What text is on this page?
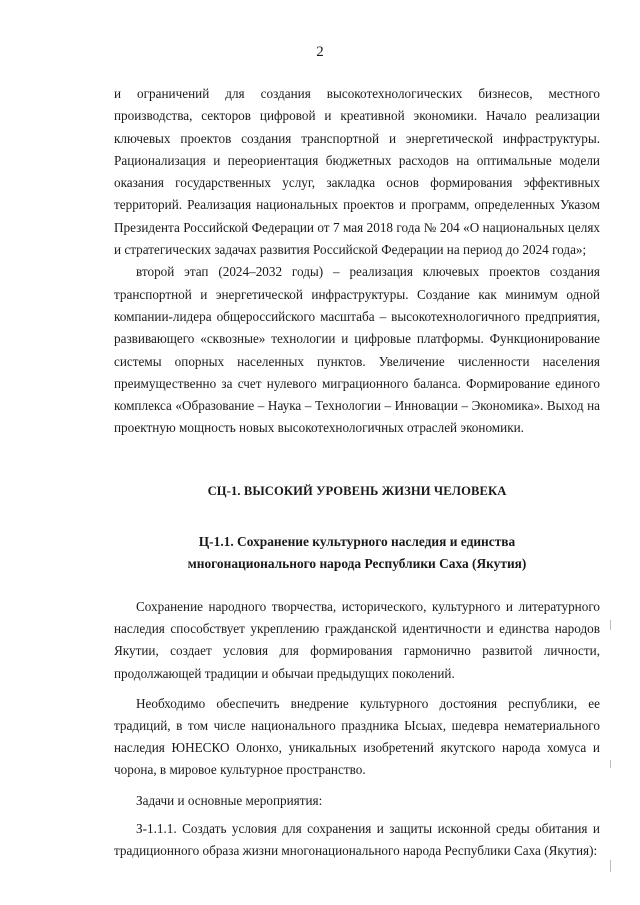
2

и ограничений для создания высокотехнологических бизнесов, местного производства, секторов цифровой и креативной экономики. Начало реализации ключевых проектов создания транспортной и энергетической инфраструктуры. Рационализация и переориентация бюджетных расходов на оптимальные модели оказания государственных услуг, закладка основ формирования эффективных территорий. Реализация национальных проектов и программ, определенных Указом Президента Российской Федерации от 7 мая 2018 года № 204 «О национальных целях и стратегических задачах развития Российской Федерации на период до 2024 года»;

второй этап (2024–2032 годы) – реализация ключевых проектов создания транспортной и энергетической инфраструктуры. Создание как минимум одной компании-лидера общероссийского масштаба – высокотехнологичного предприятия, развивающего «сквозные» технологии и цифровые платформы. Функционирование системы опорных населенных пунктов. Увеличение численности населения преимущественно за счет нулевого миграционного баланса. Формирование единого комплекса «Образование – Наука – Технологии – Инновации – Экономика». Выход на проектную мощность новых высокотехнологичных отраслей экономики.

СЦ-1. ВЫСОКИЙ УРОВЕНЬ ЖИЗНИ ЧЕЛОВЕКА
Ц-1.1. Сохранение культурного наследия и единства
многонационального народа Республики Саха (Якутия)

Сохранение народного творчества, исторического, культурного и литературного наследия способствует укреплению гражданской идентичности и единства народов Якутии, создает условия для формирования гармонично развитой личности, продолжающей традиции и обычаи предыдущих поколений.

Необходимо обеспечить внедрение культурного достояния республики, ее традиций, в том числе национального праздника Ысыах, шедевра нематериального наследия ЮНЕСКО Олонхо, уникальных изобретений якутского народа хомуса и чорона, в мировое культурное пространство.

Задачи и основные мероприятия:

З-1.1.1. Создать условия для сохранения и защиты исконной среды обитания и традиционного образа жизни многонационального народа Республики Саха (Якутия):
